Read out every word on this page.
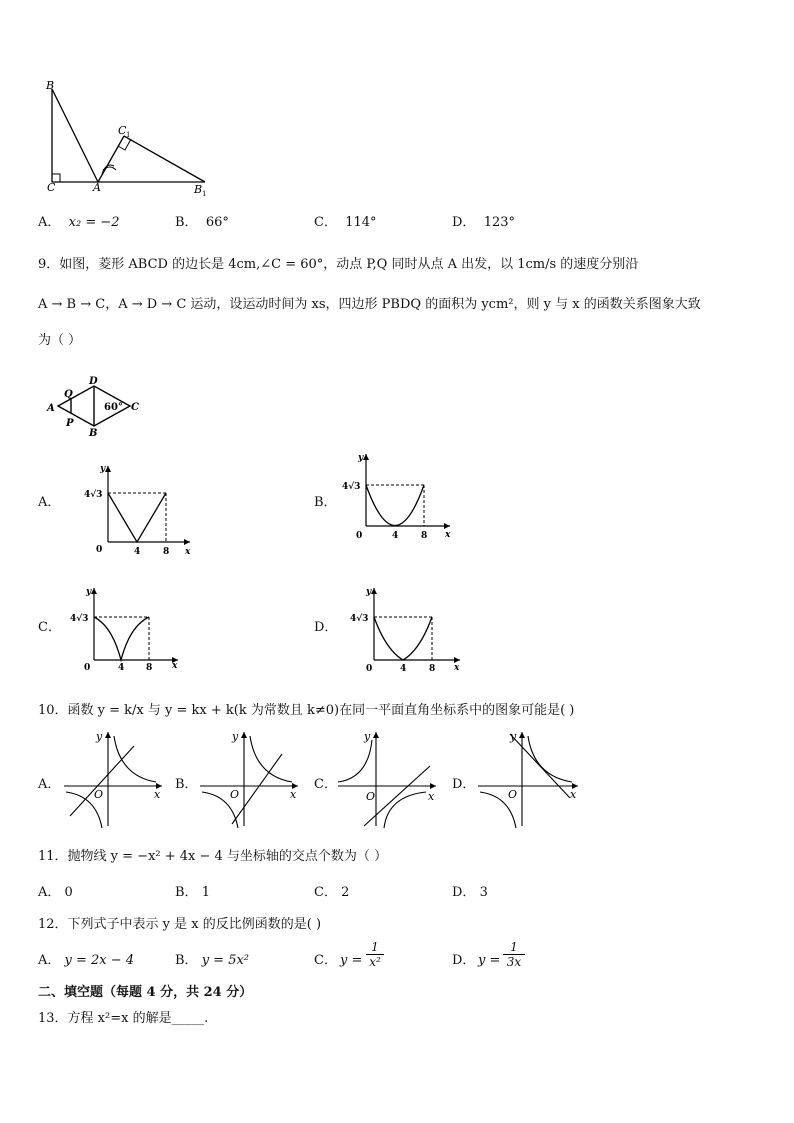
B
C	A
C 1
B 1
A． x₂ = −2	B． 66°	C． 114°	D． 123°
9．如图，菱形 ABCD 的边长是 4cm,∠C = 60°，动点 P,Q 同时从点 A 出发，以 1cm/s 的速度分别沿
A → B → C，A → D → C 运动，设运动时间为 xs，四边形 PBDQ 的面积为 ycm²，则 y 与 x 的函数关系图象大致
为（ ）
Q
D
A
P
B
C
60°
A．
y
x
0
4√3
4	8
B．
y
x
0
4√3
4	8
C．
y
x
0
4√3
4 8
D．
y
x
0
4√3
4	8
10．函数 y = k/x 与 y = kx + k(k 为常数且 k≠0)在同一平面直角坐标系中的图象可能是( )
A．
y
x
O
B．
y
x
O
C．
y
x
O
D．
y
x
O
11．抛物线 y = −x² + 4x − 4 与坐标轴的交点个数为（ ）
A． 0	B． 1	C． 2	D． 3
12．下列式子中表示 y 是 x 的反比例函数的是( )
A． y = 2x − 4	B． y = 5x²	C． y =
1
x²	D． y =
1
3x
二、填空题（每题 4 分，共 24 分）
13．方程 x²=x 的解是_____.
